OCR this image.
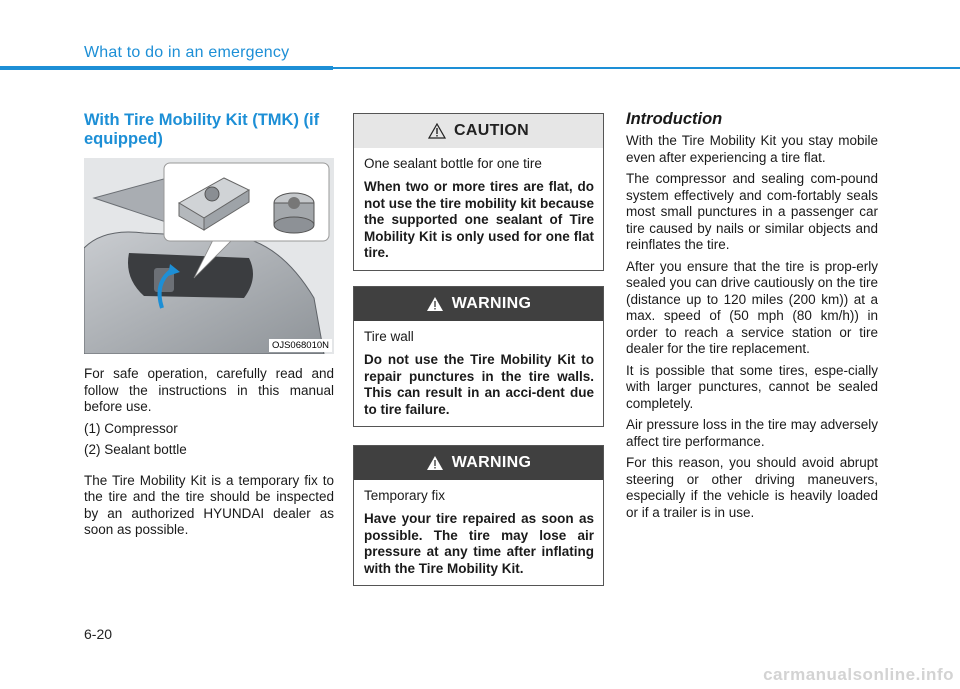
What to do in an emergency
With Tire Mobility Kit (TMK) (if equipped)
OJS068010N

For safe operation, carefully read and follow the instructions in this manual before use.

(1) Compressor

(2) Sealant bottle

The Tire Mobility Kit is a temporary fix to the tire and the tire should be inspected by an authorized HYUNDAI dealer as soon as possible.

CAUTION

One sealant bottle for one tire

When two or more tires are flat, do not use the tire mobility kit because the supported one sealant of Tire Mobility Kit is only used for one flat tire.

WARNING

Tire wall

Do not use the Tire Mobility Kit to repair punctures in the tire walls. This can result in an acci-dent due to tire failure.

WARNING

Temporary fix

Have your tire repaired as soon as possible. The tire may lose air pressure at any time after inflating with the Tire Mobility Kit.

Introduction

With the Tire Mobility Kit you stay mobile even after experiencing a tire flat.

The compressor and sealing com-pound system effectively and com-fortably seals most small punctures in a passenger car tire caused by nails or similar objects and reinflates the tire.

After you ensure that the tire is prop-erly sealed you can drive cautiously on the tire (distance up to 120 miles (200 km)) at a max. speed of (50 mph (80 km/h)) in order to reach a service station or tire dealer for the tire replacement.

It is possible that some tires, espe-cially with larger punctures, cannot be sealed completely.

Air pressure loss in the tire may adversely affect tire performance.

For this reason, you should avoid abrupt steering or other driving maneuvers, especially if the vehicle is heavily loaded or if a trailer is in use.

6-20
carmanualsonline.info
